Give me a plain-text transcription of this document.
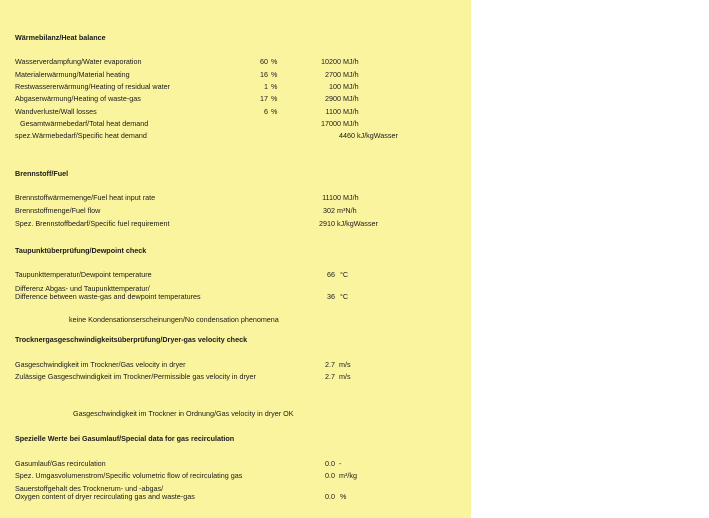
Wärmebilanz/Heat balance
Wasserverdampfung/Water evaporation	60 %	10200 MJ/h
Materialerwärmung/Material heating	16 %	2700 MJ/h
Restwassererwärmung/Heating of residual water	1 %	100 MJ/h
Abgaserwärmung/Heating of waste-gas	17 %	2900 MJ/h
Wandverluste/Wall losses	6 %	1100 MJ/h
Gesamtwärmebedarf/Total heat demand	17000 MJ/h
spez.Wärmebedarf/Specific heat demand	4460 kJ/kgWasser
Brennstoff/Fuel
Brennstoffwärmemenge/Fuel heat input rate	11100 MJ/h
Brennstoffmenge/Fuel flow	302 m³N/h
Spez. Brennstoffbedarf/Specific fuel requirement	2910 kJ/kgWasser
Taupunktüberprüfung/Dewpoint check
Taupunkttemperatur/Dewpoint temperature	66 °C
Differenz Abgas- und Taupunkttemperatur/
Difference between waste-gas and dewpoint temperatures	36 °C
keine Kondensationserscheinungen/No condensation phenomena
Trocknergasgeschwindigkeitsüberprüfung/Dryer-gas velocity check
Gasgeschwindigkeit im Trockner/Gas velocity in dryer	2.7 m/s
Zulässige Gasgeschwindigkeit im Trockner/Permissible gas velocity in dryer	2.7 m/s
Gasgeschwindigkeit im Trockner in Ordnung/Gas velocity in dryer OK
Spezielle Werte bei Gasumlauf/Special data for gas recirculation
Gasumlauf/Gas recirculation	0.0 -
Spez. Umgasvolumenstrom/Specific volumetric flow of recirculating gas	0.0 m³/kg
Sauerstoffgehalt des Trocknerum- und -abgas/
Oxygen content of dryer recirculating gas and waste-gas	0.0 %
